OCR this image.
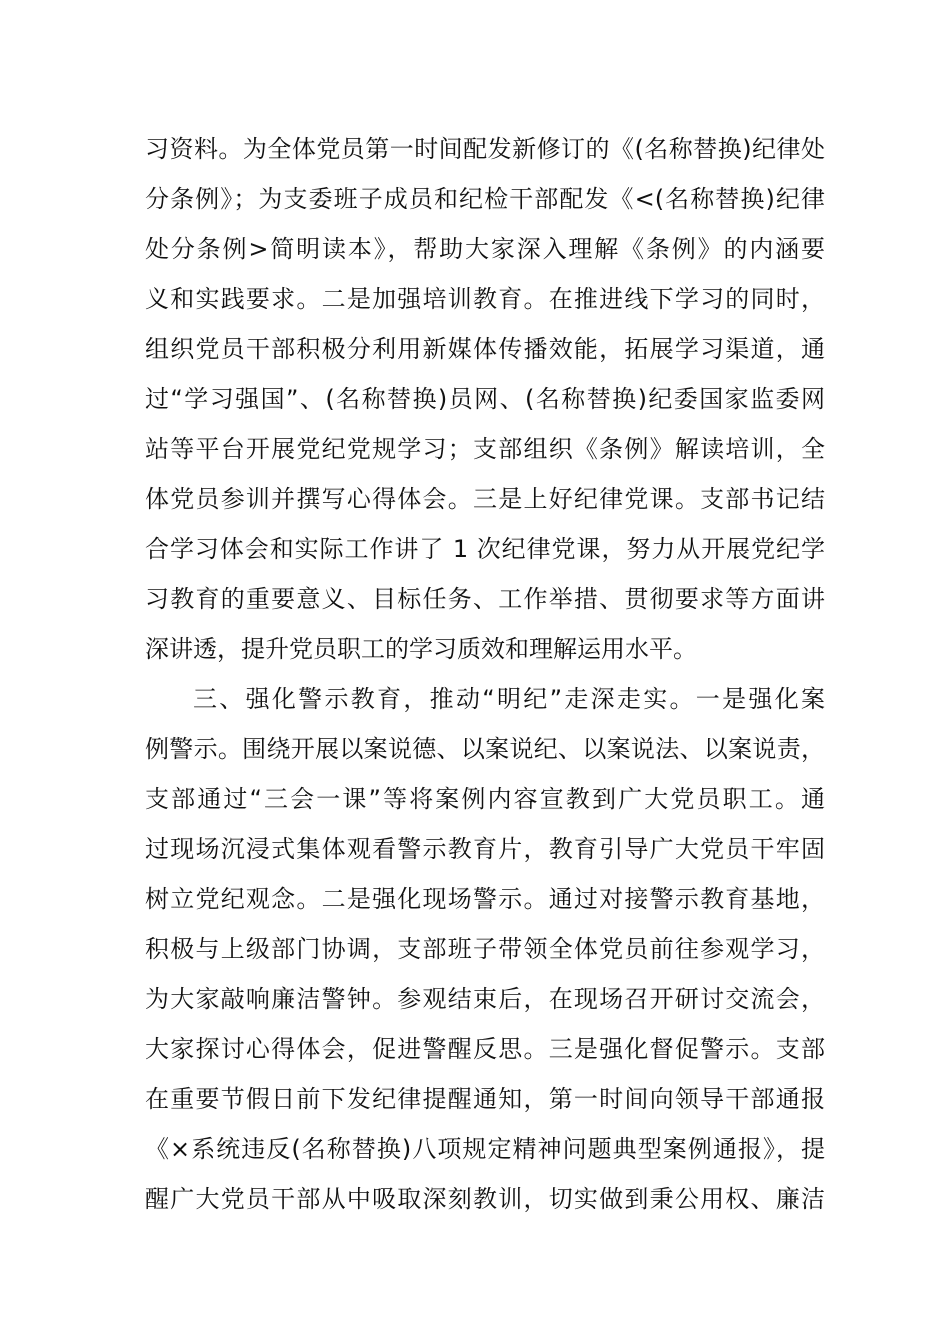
习资料。为全体党员第一时间配发新修订的《(名称替换)纪律处
分条例》；为支委班子成员和纪检干部配发《<(名称替换)纪律
处分条例>简明读本》，帮助大家深入理解《条例》的内涵要
义和实践要求。二是加强培训教育。在推进线下学习的同时，
组织党员干部积极分利用新媒体传播效能，拓展学习渠道，通
过“学习强国”、(名称替换)员网、(名称替换)纪委国家监委网
站等平台开展党纪党规学习；支部组织《条例》解读培训，全
体党员参训并撰写心得体会。三是上好纪律党课。支部书记结
合学习体会和实际工作讲了 1 次纪律党课，努力从开展党纪学
习教育的重要意义、目标任务、工作举措、贯彻要求等方面讲
深讲透，提升党员职工的学习质效和理解运用水平。
三、强化警示教育，推动“明纪”走深走实。一是强化案
例警示。围绕开展以案说德、以案说纪、以案说法、以案说责，
支部通过“三会一课”等将案例内容宣教到广大党员职工。通
过现场沉浸式集体观看警示教育片，教育引导广大党员干牢固
树立党纪观念。二是强化现场警示。通过对接警示教育基地，
积极与上级部门协调，支部班子带领全体党员前往参观学习，
为大家敲响廉洁警钟。参观结束后，在现场召开研讨交流会，
大家探讨心得体会，促进警醒反思。三是强化督促警示。支部
在重要节假日前下发纪律提醒通知，第一时间向领导干部通报
《×系统违反(名称替换)八项规定精神问题典型案例通报》，提
醒广大党员干部从中吸取深刻教训，切实做到秉公用权、廉洁
